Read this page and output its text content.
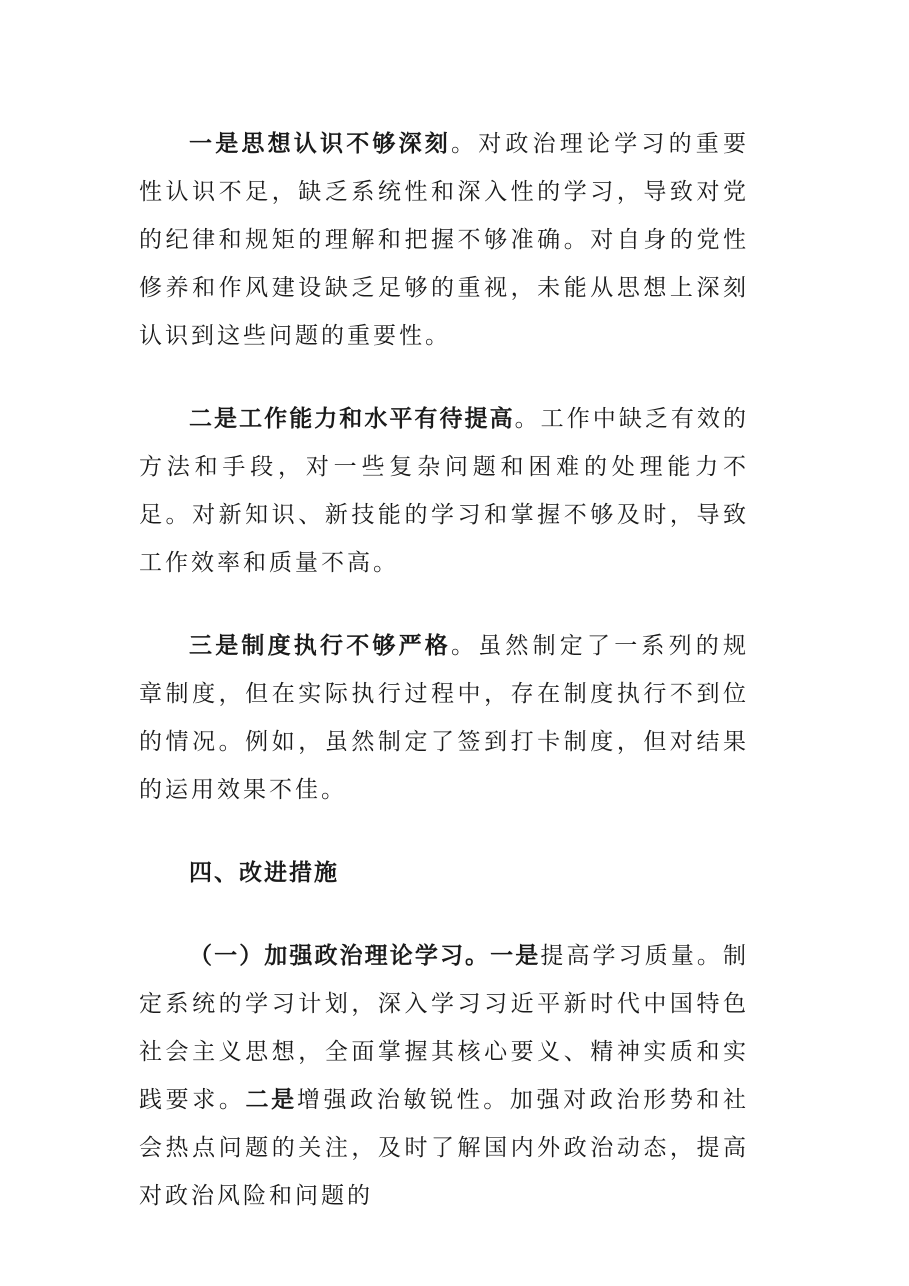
一是思想认识不够深刻。对政治理论学习的重要性认识不足，缺乏系统性和深入性的学习，导致对党的纪律和规矩的理解和把握不够准确。对自身的党性修养和作风建设缺乏足够的重视，未能从思想上深刻认识到这些问题的重要性。

二是工作能力和水平有待提高。工作中缺乏有效的方法和手段，对一些复杂问题和困难的处理能力不足。对新知识、新技能的学习和掌握不够及时，导致工作效率和质量不高。

三是制度执行不够严格。虽然制定了一系列的规章制度，但在实际执行过程中，存在制度执行不到位的情况。例如，虽然制定了签到打卡制度，但对结果的运用效果不佳。

四、改进措施

（一）加强政治理论学习。一是提高学习质量。制定系统的学习计划，深入学习习近平新时代中国特色社会主义思想，全面掌握其核心要义、精神实质和实践要求。二是增强政治敏锐性。加强对政治形势和社会热点问题的关注，及时了解国内外政治动态，提高对政治风险和问题的
